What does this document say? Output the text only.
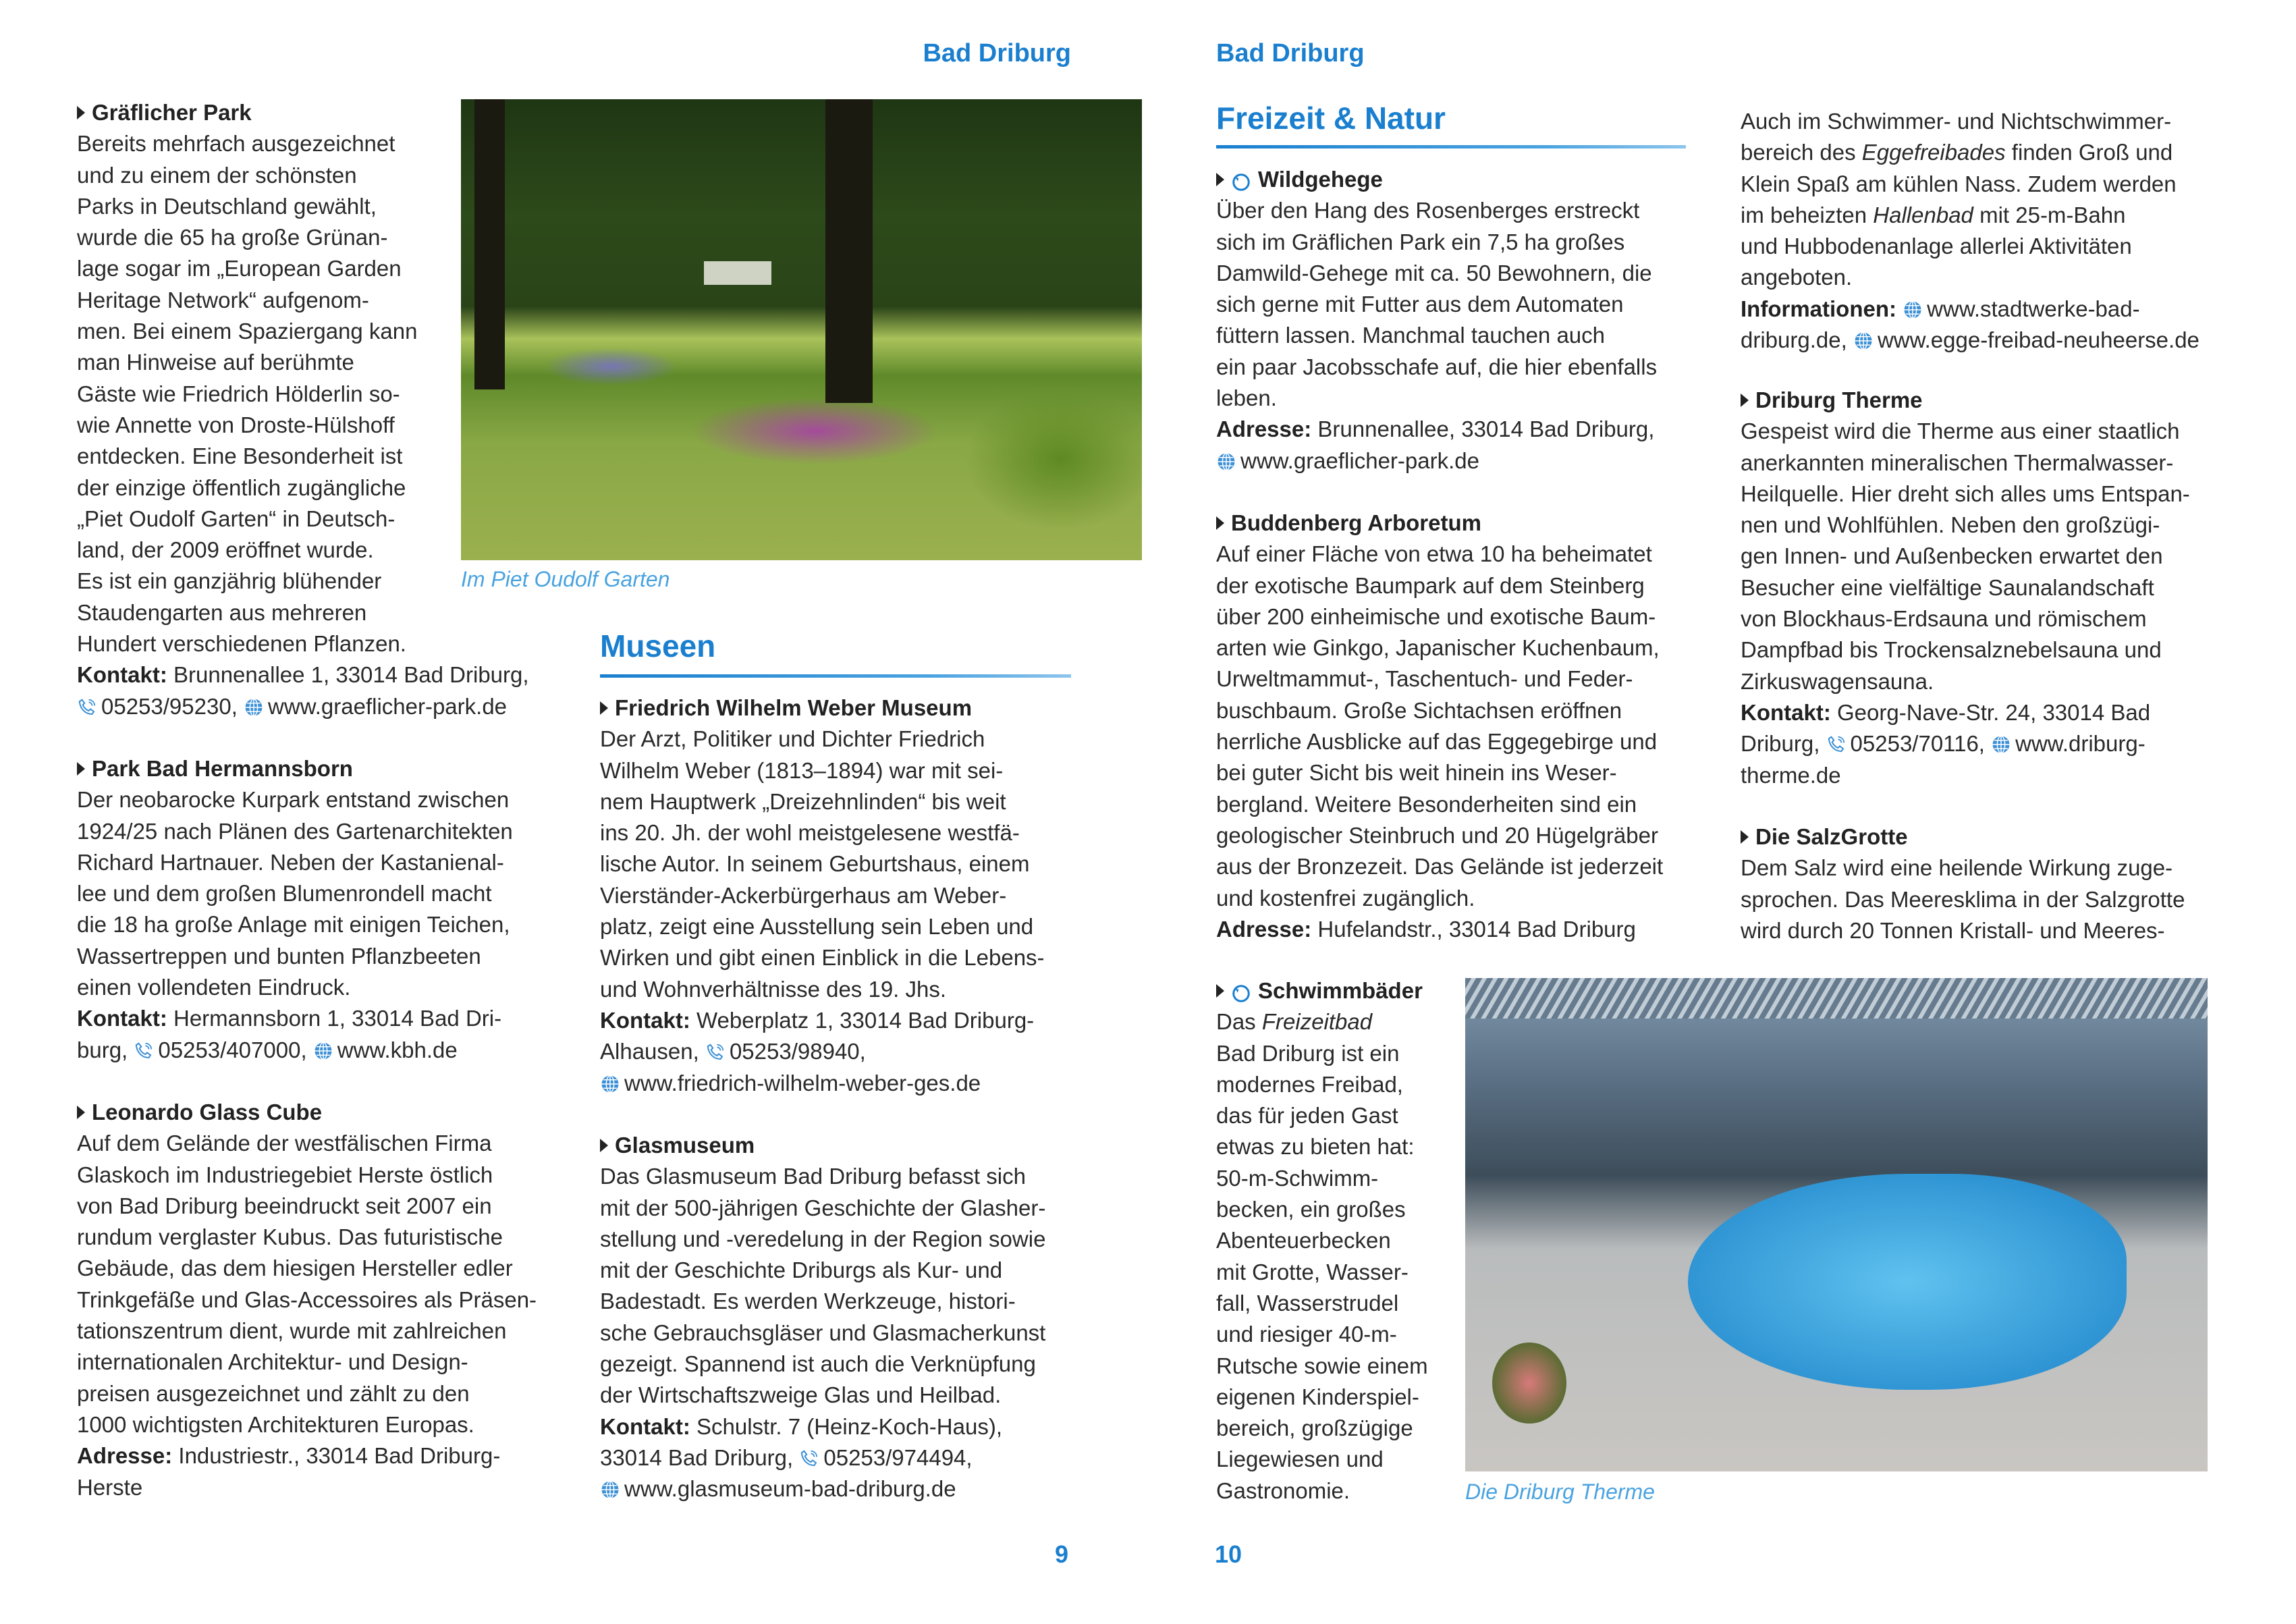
Bad Driburg	Bad Driburg
Im Piet Oudolf Garten
Museen
Freizeit & Natur
Die Driburg Therme
9	10
Gräflicher Park
Bereits mehrfach ausgezeichnet
und zu einem der schönsten
Parks in Deutschland gewählt,
wurde die 65 ha große Grünan-
lage sogar im „European Garden
Heritage Network“ aufgenom-
men. Bei einem Spaziergang kann
man Hinweise auf berühmte
Gäste wie Friedrich Hölderlin so-
wie Annette von Droste-Hülshoff
entdecken. Eine Besonderheit ist
der einzige öffentlich zugängliche
„Piet Oudolf Garten“ in Deutsch-
land, der 2009 eröffnet wurde.
Es ist ein ganzjährig blühender
Staudengarten aus mehreren
Hundert verschiedenen Pflanzen.
Kontakt: Brunnenallee 1, 33014 Bad Driburg,
05253/95230, www.graeflicher-park.de
Park Bad Hermannsborn
Der neobarocke Kurpark entstand zwischen
1924/25 nach Plänen des Gartenarchitekten
Richard Hartnauer. Neben der Kastanienal-
lee und dem großen Blumenrondell macht
die 18 ha große Anlage mit einigen Teichen,
Wassertreppen und bunten Pflanzbeeten
einen vollendeten Eindruck.
Kontakt: Hermannsborn 1, 33014 Bad Dri-
burg, 05253/407000, www.kbh.de
Leonardo Glass Cube
Auf dem Gelände der westfälischen Firma
Glaskoch im Industriegebiet Herste östlich
von Bad Driburg beeindruckt seit 2007 ein
rundum verglaster Kubus. Das futuristische
Gebäude, das dem hiesigen Hersteller edler
Trinkgefäße und Glas-Accessoires als Präsen-
tationszentrum dient, wurde mit zahlreichen
internationalen Architektur- und Design-
preisen ausgezeichnet und zählt zu den
1000 wichtigsten Architekturen Europas.
Adresse: Industriestr., 33014 Bad Driburg-
Herste
Friedrich Wilhelm Weber Museum
Der Arzt, Politiker und Dichter Friedrich
Wilhelm Weber (1813–1894) war mit sei-
nem Hauptwerk „Dreizehnlinden“ bis weit
ins 20. Jh. der wohl meistgelesene westfä-
lische Autor. In seinem Geburtshaus, einem
Vierständer-Ackerbürgerhaus am Weber-
platz, zeigt eine Ausstellung sein Leben und
Wirken und gibt einen Einblick in die Lebens-
und Wohnverhältnisse des 19. Jhs.
Kontakt: Weberplatz 1, 33014 Bad Driburg-
Alhausen, 05253/98940,
www.friedrich-wilhelm-weber-ges.de
Glasmuseum
Das Glasmuseum Bad Driburg befasst sich
mit der 500-jährigen Geschichte der Glasher-
stellung und -veredelung in der Region sowie
mit der Geschichte Driburgs als Kur- und
Badestadt. Es werden Werkzeuge, histori-
sche Gebrauchsgläser und Glasmacherkunst
gezeigt. Spannend ist auch die Verknüpfung
der Wirtschaftszweige Glas und Heilbad.
Kontakt: Schulstr. 7 (Heinz-Koch-Haus),
33014 Bad Driburg, 05253/974494,
www.glasmuseum-bad-driburg.de
Wildgehege
Über den Hang des Rosenberges erstreckt
sich im Gräflichen Park ein 7,5 ha großes
Damwild-Gehege mit ca. 50 Bewohnern, die
sich gerne mit Futter aus dem Automaten
füttern lassen. Manchmal tauchen auch
ein paar Jacobsschafe auf, die hier ebenfalls
leben.
Adresse: Brunnenallee, 33014 Bad Driburg,
www.graeflicher-park.de
Buddenberg Arboretum
Auf einer Fläche von etwa 10 ha beheimatet
der exotische Baumpark auf dem Steinberg
über 200 einheimische und exotische Baum-
arten wie Ginkgo, Japanischer Kuchenbaum,
Urweltmammut-, Taschentuch- und Feder-
buschbaum. Große Sichtachsen eröffnen
herrliche Ausblicke auf das Eggegebirge und
bei guter Sicht bis weit hinein ins Weser-
bergland. Weitere Besonderheiten sind ein
geologischer Steinbruch und 20 Hügelgräber
aus der Bronzezeit. Das Gelände ist jederzeit
und kostenfrei zugänglich.
Adresse: Hufelandstr., 33014 Bad Driburg
Schwimmbäder
Das Freizeitbad
Bad Driburg ist ein
modernes Freibad,
das für jeden Gast
etwas zu bieten hat:
50-m-Schwimm-
becken, ein großes
Abenteuerbecken
mit Grotte, Wasser-
fall, Wasserstrudel
und riesiger 40-m-
Rutsche sowie einem
eigenen Kinderspiel-
bereich, großzügige
Liegewiesen und
Gastronomie.
Auch im Schwimmer- und Nichtschwimmer-
bereich des Eggefreibades finden Groß und
Klein Spaß am kühlen Nass. Zudem werden
im beheizten Hallenbad mit 25-m-Bahn
und Hubbodenanlage allerlei Aktivitäten
angeboten.
Informationen: www.stadtwerke-bad-
driburg.de, www.egge-freibad-neuheerse.de
Driburg Therme
Gespeist wird die Therme aus einer staatlich
anerkannten mineralischen Thermalwasser-
Heilquelle. Hier dreht sich alles ums Entspan-
nen und Wohlfühlen. Neben den großzügi-
gen Innen- und Außenbecken erwartet den
Besucher eine vielfältige Saunalandschaft
von Blockhaus-Erdsauna und römischem
Dampfbad bis Trockensalznebelsauna und
Zirkuswagensauna.
Kontakt: Georg-Nave-Str. 24, 33014 Bad
Driburg, 05253/70116, www.driburg-
therme.de
Die SalzGrotte
Dem Salz wird eine heilende Wirkung zuge-
sprochen. Das Meeresklima in der Salzgrotte
wird durch 20 Tonnen Kristall- und Meeres-
